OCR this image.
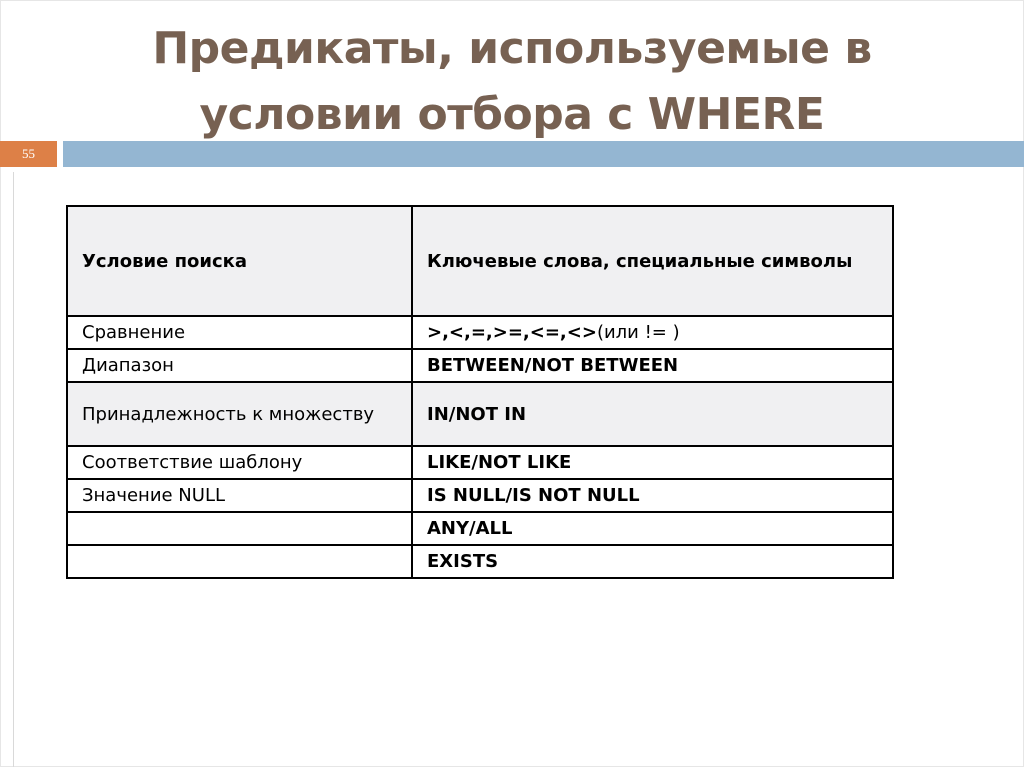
Предикаты, используемые в
условии отбора с WHERE
55
Условие поиска	Ключевые слова, специальные символы
Сравнение	>,<,=,>=,<=,<>(или != )
Диапазон	BETWEEN/NOT BETWEEN
Принадлежность к множеству	IN/NOT IN
Соответствие шаблону	LIKE/NOT LIKE
Значение NULL	IS NULL/IS NOT NULL
	ANY/ALL
	EXISTS
